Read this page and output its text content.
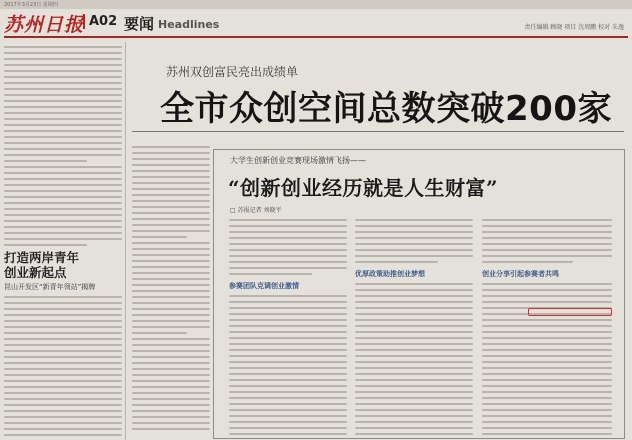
2017年3月23日 星期四
苏州日报 A02 要闻 Headlines	责任编辑 顾晓 项目 沈周鹏 校对 朱逸
打造两岸青年
创业新起点
昆山开发区“新青年领站”揭牌
苏州双创富民亮出成绩单
全市众创空间总数突破200家
大学生创新创业竞赛现场激情飞扬——
“创新创业经历就是人生财富”
□ 苏报记者 刘晓平
参赛团队克调创业激情
优厚政策助推创业梦想	创业分享引起参赛者共鸣
